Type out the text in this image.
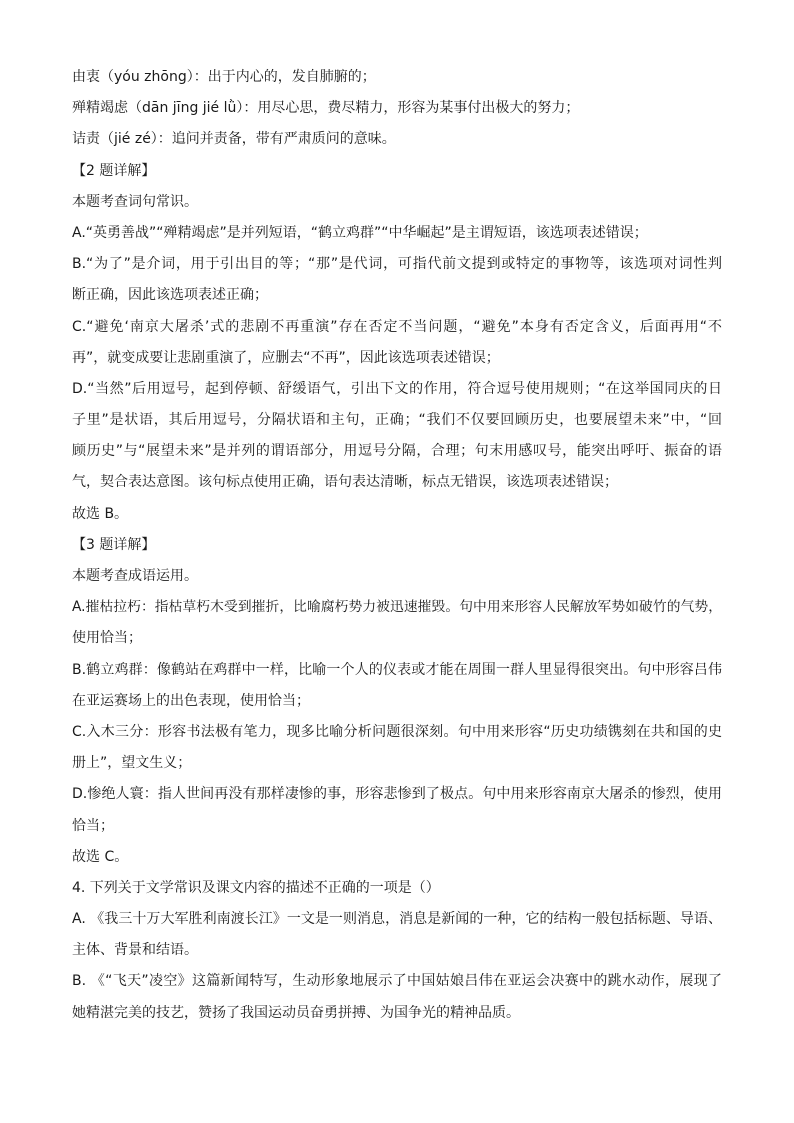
由衷（yóu zhōng）：出于内心的，发自肺腑的；
殚精竭虑（dān jīng jié lǜ）：用尽心思，费尽精力，形容为某事付出极大的努力；
诘责（jié zé）：追问并责备，带有严肃质问的意味。
【2 题详解】
本题考查词句常识。
A.“英勇善战”“殚精竭虑”是并列短语，“鹤立鸡群”“中华崛起”是主谓短语，该选项表述错误；
B.“为了”是介词，用于引出目的等；“那”是代词，可指代前文提到或特定的事物等，该选项对词性判
断正确，因此该选项表述正确；
C.“避免‘南京大屠杀’式的悲剧不再重演”存在否定不当问题，“避免”本身有否定含义，后面再用“不
再”，就变成要让悲剧重演了，应删去“不再”，因此该选项表述错误；
D.“当然”后用逗号，起到停顿、舒缓语气，引出下文的作用，符合逗号使用规则；“在这举国同庆的日
子里”是状语，其后用逗号，分隔状语和主句，正确；“我们不仅要回顾历史，也要展望未来”中，“回
顾历史”与“展望未来”是并列的谓语部分，用逗号分隔，合理；句末用感叹号，能突出呼吁、振奋的语
气，契合表达意图。该句标点使用正确，语句表达清晰，标点无错误，该选项表述错误；
故选 B。
【3 题详解】
本题考查成语运用。
A.摧枯拉朽：指枯草朽木受到摧折，比喻腐朽势力被迅速摧毁。句中用来形容人民解放军势如破竹的气势，
使用恰当；
B.鹤立鸡群：像鹤站在鸡群中一样，比喻一个人的仪表或才能在周围一群人里显得很突出。句中形容吕伟
在亚运赛场上的出色表现，使用恰当；
C.入木三分：形容书法极有笔力，现多比喻分析问题很深刻。句中用来形容“历史功绩镌刻在共和国的史
册上”，望文生义；
D.惨绝人寰：指人世间再没有那样凄惨的事，形容悲惨到了极点。句中用来形容南京大屠杀的惨烈，使用
恰当；
故选 C。
4. 下列关于文学常识及课文内容的描述不正确的一项是（）
A. 《我三十万大军胜利南渡长江》一文是一则消息，消息是新闻的一种，它的结构一般包括标题、导语、
主体、背景和结语。
B. 《“飞天”凌空》这篇新闻特写，生动形象地展示了中国姑娘吕伟在亚运会决赛中的跳水动作，展现了
她精湛完美的技艺，赞扬了我国运动员奋勇拼搏、为国争光的精神品质。
